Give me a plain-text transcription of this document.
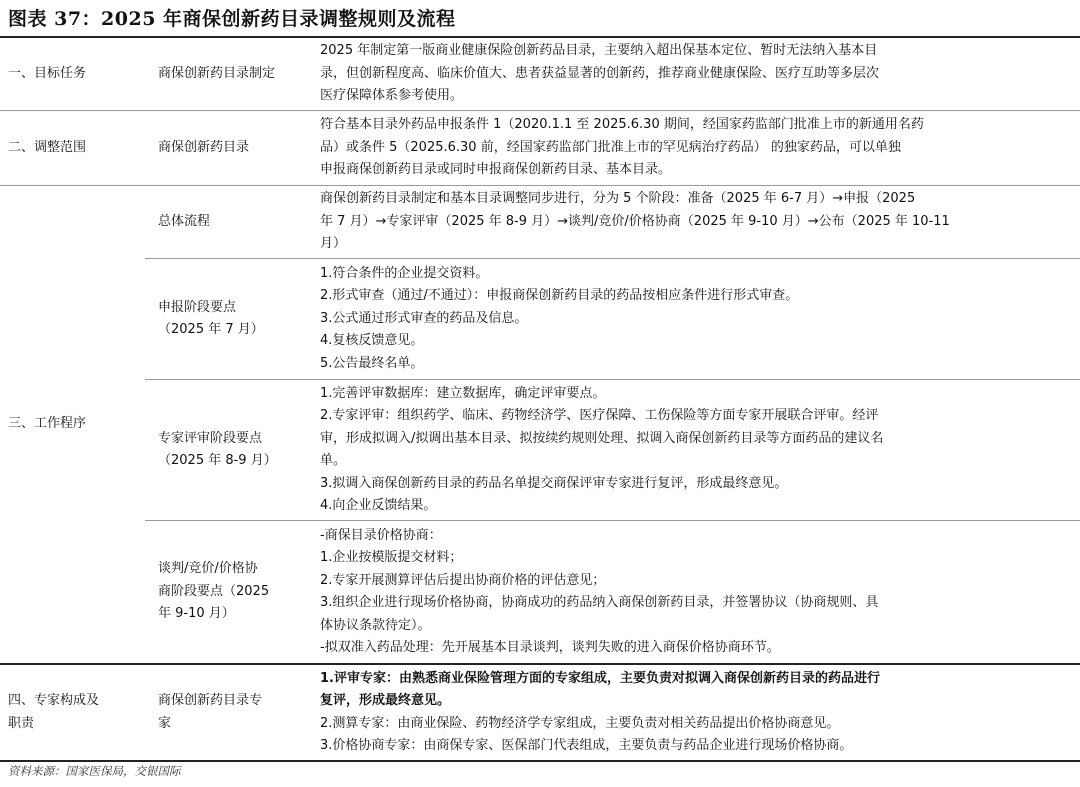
图表 37：2025 年商保创新药目录调整规则及流程
一、目标任务	商保创新药目录制定
2025 年制定第一版商业健康保险创新药品目录，主要纳入超出保基本定位、暂时无法纳入基本目
录，但创新程度高、临床价值大、患者获益显著的创新药，推荐商业健康保险、医疗互助等多层次
医疗保障体系参考使用。
二、调整范围	商保创新药目录
符合基本目录外药品申报条件 1（2020.1.1 至 2025.6.30 期间，经国家药监部门批准上市的新通用名药
品）或条件 5（2025.6.30 前，经国家药监部门批准上市的罕见病治疗药品） 的独家药品，可以单独
申报商保创新药目录或同时申报商保创新药目录、基本目录。
三、工作程序
总体流程
商保创新药目录制定和基本目录调整同步进行，分为 5 个阶段：准备（2025 年 6-7 月）→申报（2025
年 7 月）→专家评审（2025 年 8-9 月）→谈判/竞价/价格协商（2025 年 9-10 月）→公布（2025 年 10-11
月）
申报阶段要点
（2025 年 7 月）
1.符合条件的企业提交资料。
2.形式审查（通过/不通过）：申报商保创新药目录的药品按相应条件进行形式审查。
3.公式通过形式审查的药品及信息。
4.复核反馈意见。
5.公告最终名单。
专家评审阶段要点
（2025 年 8-9 月）
1.完善评审数据库：建立数据库，确定评审要点。
2.专家评审：组织药学、临床、药物经济学、医疗保障、工伤保险等方面专家开展联合评审。经评
审，形成拟调入/拟调出基本目录、拟按续约规则处理、拟调入商保创新药目录等方面药品的建议名
单。
3.拟调入商保创新药目录的药品名单提交商保评审专家进行复评，形成最终意见。
4.向企业反馈结果。
谈判/竞价/价格协
商阶段要点（2025
年 9-10 月）
-商保目录价格协商：
1.企业按模版提交材料；
2.专家开展测算评估后提出协商价格的评估意见；
3.组织企业进行现场价格协商，协商成功的药品纳入商保创新药目录，并签署协议（协商规则、具
体协议条款待定）。
-拟双准入药品处理：先开展基本目录谈判，谈判失败的进入商保价格协商环节。
四、专家构成及
职责
商保创新药目录专
家
1.评审专家：由熟悉商业保险管理方面的专家组成，主要负责对拟调入商保创新药目录的药品进行
复评，形成最终意见。
2.测算专家：由商业保险、药物经济学专家组成，主要负责对相关药品提出价格协商意见。
3.价格协商专家：由商保专家、医保部门代表组成，主要负责与药品企业进行现场价格协商。
资料来源：国家医保局，交银国际
